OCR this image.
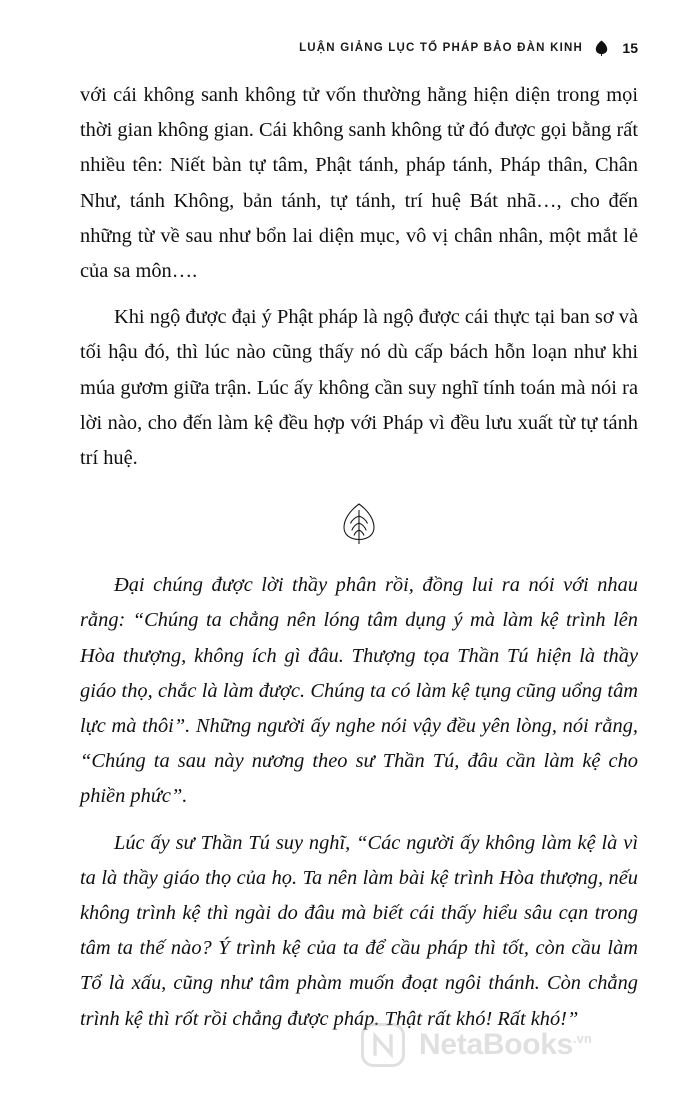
LUẬN GIẢNG LỤC TỔ PHÁP BẢO ĐÀN KINH	15

với cái không sanh không tử vốn thường hằng hiện diện trong mọi thời gian không gian. Cái không sanh không tử đó được gọi bằng rất nhiều tên: Niết bàn tự tâm, Phật tánh, pháp tánh, Pháp thân, Chân Như, tánh Không, bản tánh, tự tánh, trí huệ Bát nhã…, cho đến những từ về sau như bổn lai diện mục, vô vị chân nhân, một mắt lẻ của sa môn….

Khi ngộ được đại ý Phật pháp là ngộ được cái thực tại ban sơ và tối hậu đó, thì lúc nào cũng thấy nó dù cấp bách hỗn loạn như khi múa gươm giữa trận. Lúc ấy không cần suy nghĩ tính toán mà nói ra lời nào, cho đến làm kệ đều hợp với Pháp vì đều lưu xuất từ tự tánh trí huệ.

Đại chúng được lời thầy phân rồi, đồng lui ra nói với nhau rằng: “Chúng ta chẳng nên lóng tâm dụng ý mà làm kệ trình lên Hòa thượng, không ích gì đâu. Thượng tọa Thần Tú hiện là thầy giáo thọ, chắc là làm được. Chúng ta có làm kệ tụng cũng uổng tâm lực mà thôi”. Những người ấy nghe nói vậy đều yên lòng, nói rằng, “Chúng ta sau này nương theo sư Thần Tú, đâu cần làm kệ cho phiền phức”.

Lúc ấy sư Thần Tú suy nghĩ, “Các người ấy không làm kệ là vì ta là thầy giáo thọ của họ. Ta nên làm bài kệ trình Hòa thượng, nếu không trình kệ thì ngài do đâu mà biết cái thấy hiểu sâu cạn trong tâm ta thế nào? Ý trình kệ của ta để cầu pháp thì tốt, còn cầu làm Tổ là xấu, cũng như tâm phàm muốn đoạt ngôi thánh. Còn chẳng trình kệ thì rốt rồi chẳng được pháp. Thật rất khó! Rất khó!”

NetaBooks$^{.vn}$
